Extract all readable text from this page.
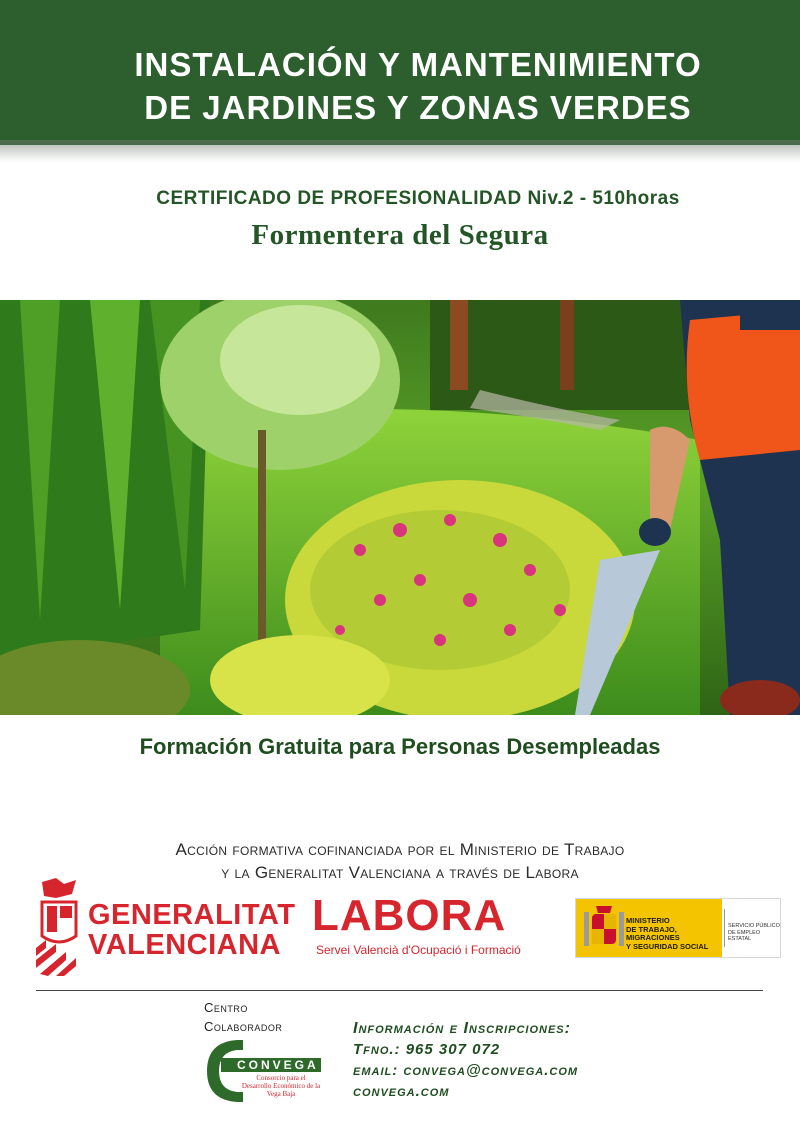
INSTALACIÓN Y MANTENIMIENTO
DE JARDINES Y ZONAS VERDES
CERTIFICADO DE PROFESIONALIDAD Niv.2 - 510horas
Formentera del Segura
Formación Gratuita para Personas Desempleadas
Acción formativa cofinanciada por el Ministerio de Trabajo
y la Generalitat Valenciana a través de Labora
GENERALITAT
VALENCIANA
LABORA
Servei Valencià d'Ocupació i Formació
MINISTERIO
DE TRABAJO, MIGRACIONES
Y SEGURIDAD SOCIAL
SERVICIO PÚBLICO
DE EMPLEO ESTATAL
Centro
Colaborador
CONVEGA
Consorcio para el Desarrollo Económico de la Vega Baja
Información e Inscripciones:
Tfno.: 965 307 072
email: convega@convega.com
convega.com
